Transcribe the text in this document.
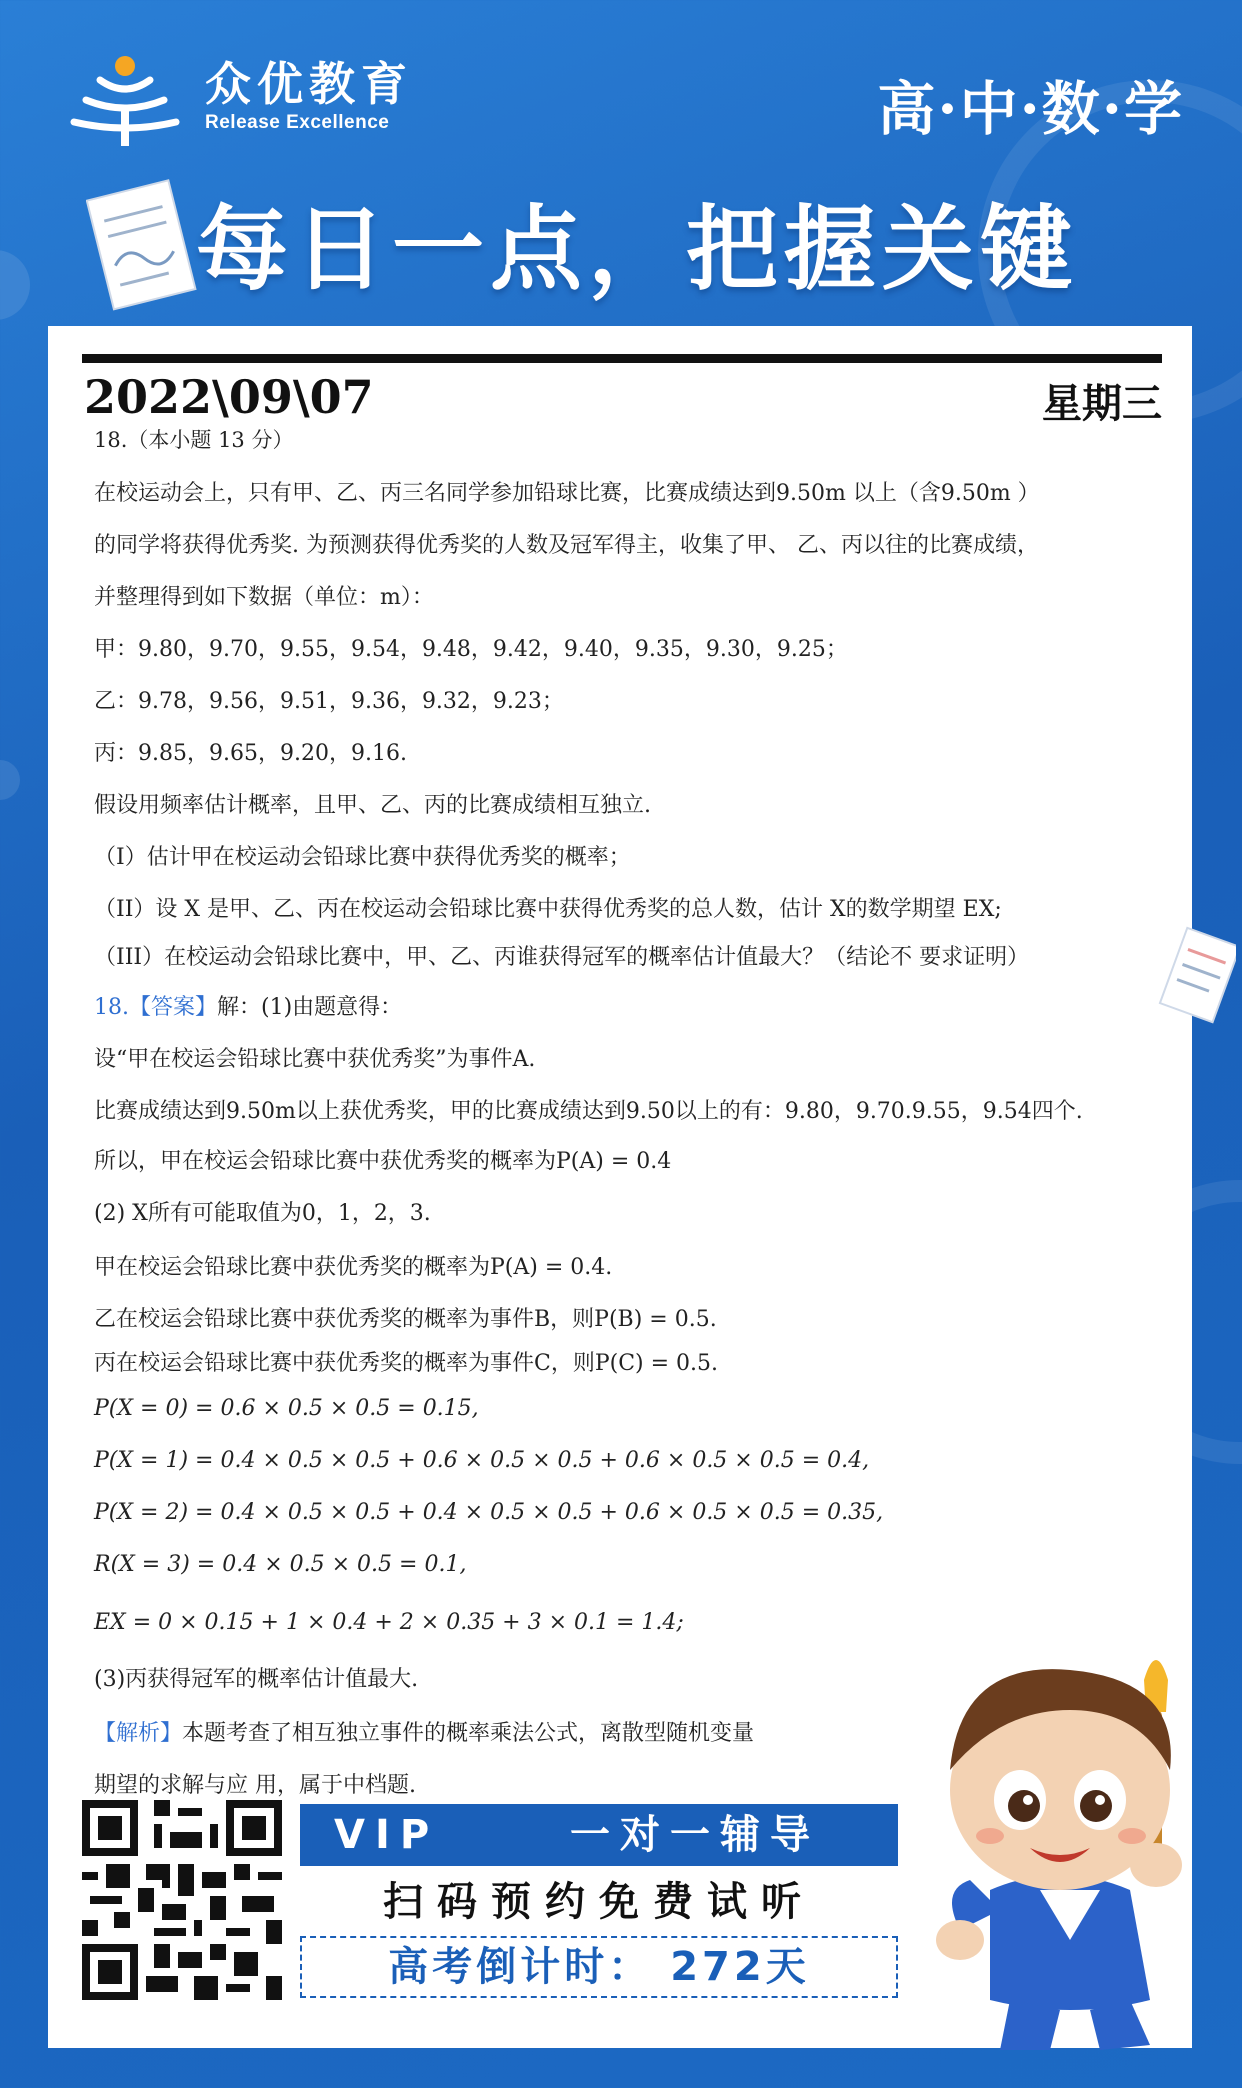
众优教育
Release Excellence	高·中·数·学
每日一点，把握关键
2022\09\07	星期三
18.（本小题 13 分）
在校运动会上，只有甲、乙、丙三名同学参加铅球比赛，比赛成绩达到9.50m 以上（含9.50m ）
的同学将获得优秀奖. 为预测获得优秀奖的人数及冠军得主，收集了甲、 乙、丙以往的比赛成绩，
并整理得到如下数据（单位：m）：
甲：9.80，9.70，9.55，9.54，9.48，9.42，9.40，9.35，9.30，9.25；
乙：9.78，9.56，9.51，9.36，9.32，9.23；
丙：9.85，9.65，9.20，9.16.
假设用频率估计概率，且甲、乙、丙的比赛成绩相互独立.
（I）估计甲在校运动会铅球比赛中获得优秀奖的概率；
（II）设 X 是甲、乙、丙在校运动会铅球比赛中获得优秀奖的总人数，估计 X的数学期望 EX;
（III）在校运动会铅球比赛中，甲、乙、丙谁获得冠军的概率估计值最大？（结论不 要求证明）
18.【答案】解：(1)由题意得：
设“甲在校运会铅球比赛中获优秀奖”为事件A.
比赛成绩达到9.50m以上获优秀奖，甲的比赛成绩达到9.50以上的有：9.80，9.70.9.55，9.54四个.
所以，甲在校运会铅球比赛中获优秀奖的概率为P(A) = 0.4
(2) X所有可能取值为0，1，2，3.
甲在校运会铅球比赛中获优秀奖的概率为P(A) = 0.4.
乙在校运会铅球比赛中获优秀奖的概率为事件B，则P(B) = 0.5.
丙在校运会铅球比赛中获优秀奖的概率为事件C，则P(C) = 0.5.
P(X = 0) = 0.6 × 0.5 × 0.5 = 0.15,
P(X = 1) = 0.4 × 0.5 × 0.5 + 0.6 × 0.5 × 0.5 + 0.6 × 0.5 × 0.5 = 0.4,
P(X = 2) = 0.4 × 0.5 × 0.5 + 0.4 × 0.5 × 0.5 + 0.6 × 0.5 × 0.5 = 0.35,
R(X = 3) = 0.4 × 0.5 × 0.5 = 0.1,
EX = 0 × 0.15 + 1 × 0.4 + 2 × 0.35 + 3 × 0.1 = 1.4;
(3)丙获得冠军的概率估计值最大.
【解析】本题考查了相互独立事件的概率乘法公式，离散型随机变量
期望的求解与应 用，属于中档题.
VIP	一对一辅导
扫码预约免费试听
高考倒计时： 272天
